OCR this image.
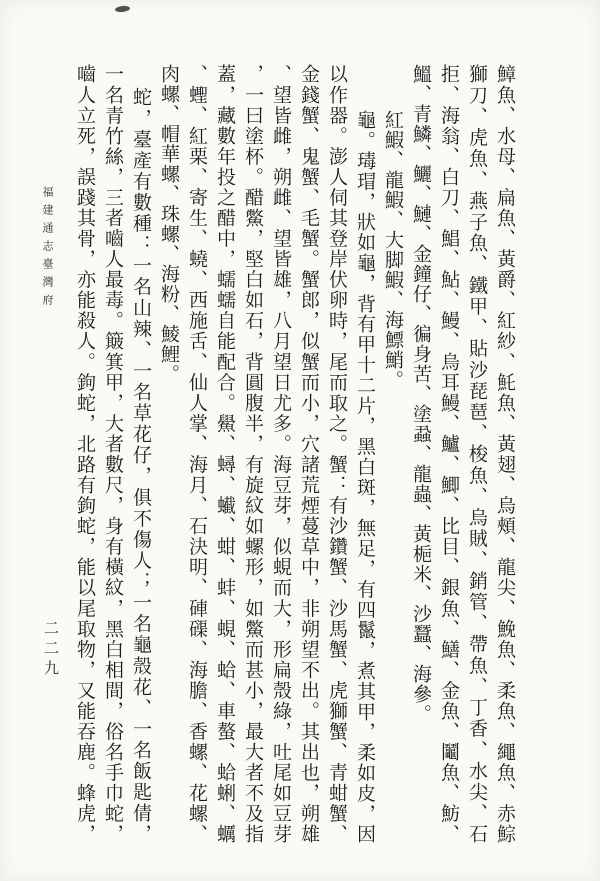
鱆魚、水母、扁魚、黃爵、紅紗、魠魚、黃翅、烏頰、龍尖、鮸魚、柔魚、繩魚、赤鯮
獅刀、虎魚、燕子魚、鐵甲、貼沙琵琶、梭魚、烏賊、銷管、帶魚、丁香、水尖、石
拒、海翁、白刀、鯧、鮎、鰻、烏耳鰻、鱸、鯽、比目、銀魚、鱔、金魚、鬮魚、魴、
鰮、青鱗、鱺、鰱、金鐘仔、徧身苦、塗蝨、龍蟲、黃梔米、沙蠶、海參。
紅鰕、龍鰕、大脚鰕、海鰾鮹。
龜。瑇瑁，狀如龜，背有甲十二片，黑白斑，無足，有四鬣，煮其甲，柔如皮，因
以作器。澎人伺其登岸伏卵時，尾而取之。蟹：有沙鑽蟹、沙馬蟹、虎獅蟹、青蚶蟹、
金錢蟹、鬼蟹、毛蟹。蟹郎，似蟹而小，穴諸荒煙蔓草中，非朔望不出。其出也，朔雄
、望皆雌，朔雌、望皆雄，八月望日尤多。海豆芽，似蜆而大，形扁殼綠，吐尾如豆芽
，一曰塗杯。醋鱉，堅白如石，背圓腹半，有旋紋如螺形，如鱉而甚小，最大者不及指
蓋，藏數年投之醋中，蠕蠕自能配合。鱟、蟳、蠘、蚶、蚌、蜆、蛤、車螯、蛤蜊、蠣
、蟶、紅栗、寄生、蟯、西施舌、仙人掌、海月、石決明、硨磲、海膽、香螺、花螺、
肉螺、帽華螺、珠螺、海粉、鯪鯉。
蛇，臺產有數種：一名山辣、一名草花仔，俱不傷人；一名龜殼花、一名飯匙倩，
一名青竹絲，三者嚙人最毒。簸箕甲，大者數尺，身有橫紋，黑白相間，俗名手巾蛇，
嚙人立死，誤踐其骨，亦能殺人。鉤蛇，北路有鉤蛇，能以尾取物，又能吞鹿。蜂虎，
福建通志臺灣府
二二九
